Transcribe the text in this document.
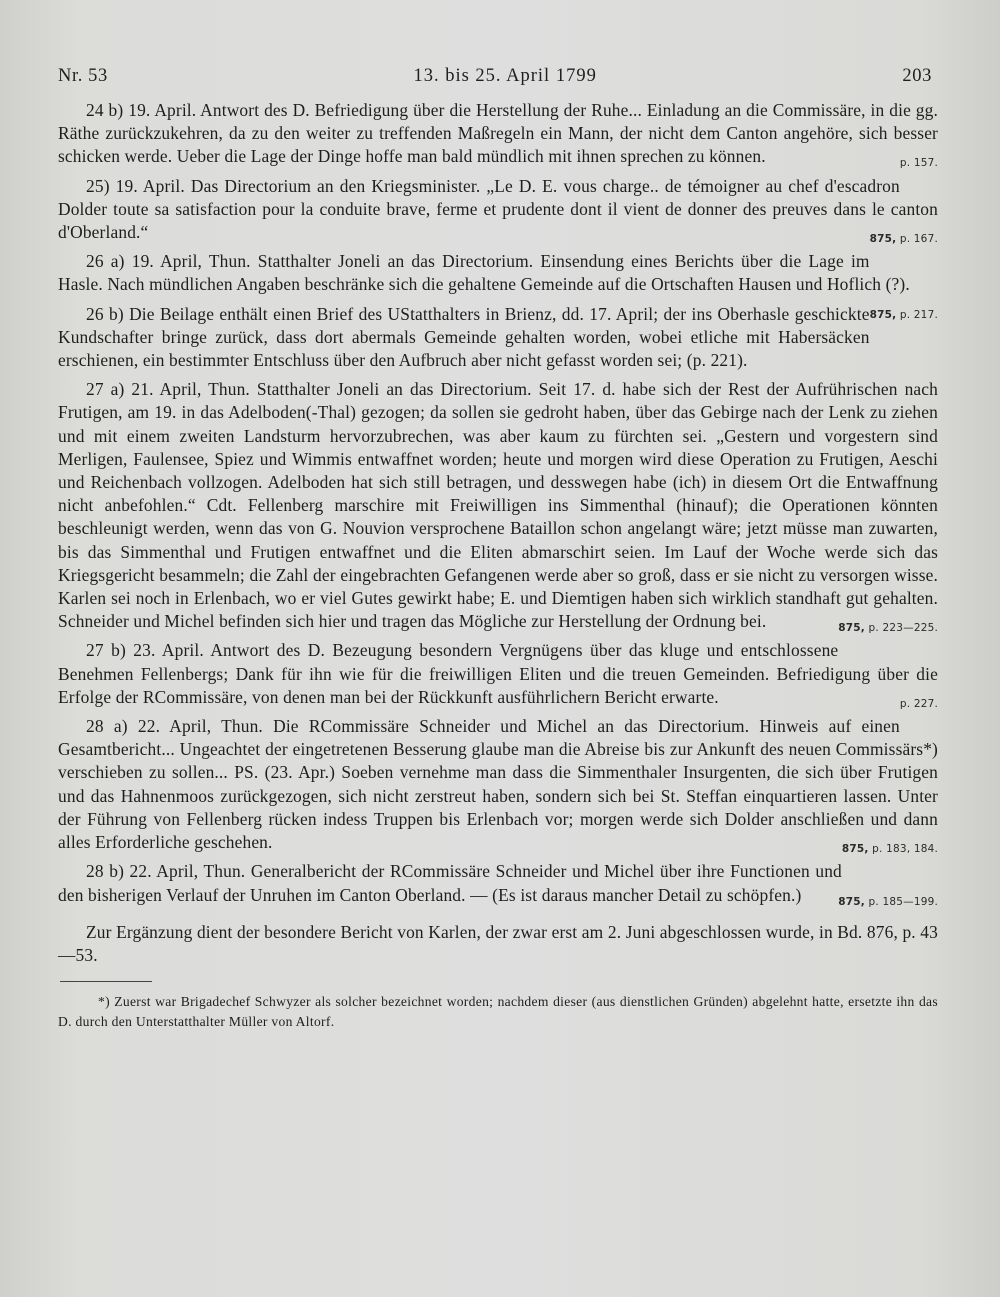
Nr. 53	13. bis 25. April 1799	203

24 b) 19. April. Antwort des D. Befriedigung über die Herstellung der Ruhe... Einladung an die Commissäre, in die gg. Räthe zurückzukehren, da zu den weiter zu treffenden Maßregeln ein Mann, der nicht dem Canton angehöre, sich besser schicken werde. Ueber die Lage der Dinge hoffe man bald mündlich mit ihnen sprechen zu können.	p. 157.

25) 19. April. Das Directorium an den Kriegsminister. „Le D. E. vous charge.. de témoigner au chef d'escadron Dolder toute sa satisfaction pour la conduite brave, ferme et prudente dont il vient de donner des preuves dans le canton d'Oberland.“	875, p. 167.

26 a) 19. April, Thun. Statthalter Joneli an das Directorium. Einsendung eines Berichts über die Lage im Hasle. Nach mündlichen Angaben beschränke sich die gehaltene Gemeinde auf die Ortschaften Hausen und Hoflich (?).
875, p. 217.

26 b) Die Beilage enthält einen Brief des UStatthalters in Brienz, dd. 17. April; der ins Oberhasle geschickte Kundschafter bringe zurück, dass dort abermals Gemeinde gehalten worden, wobei etliche mit Habersäcken erschienen, ein bestimmter Entschluss über den Aufbruch aber nicht gefasst worden sei; (p. 221).

27 a) 21. April, Thun. Statthalter Joneli an das Directorium. Seit 17. d. habe sich der Rest der Aufrührischen nach Frutigen, am 19. in das Adelboden(-Thal) gezogen; da sollen sie gedroht haben, über das Gebirge nach der Lenk zu ziehen und mit einem zweiten Landsturm hervorzubrechen, was aber kaum zu fürchten sei. „Gestern und vorgestern sind Merligen, Faulensee, Spiez und Wimmis entwaffnet worden; heute und morgen wird diese Operation zu Frutigen, Aeschi und Reichenbach vollzogen. Adelboden hat sich still betragen, und desswegen habe (ich) in diesem Ort die Entwaffnung nicht anbefohlen.“ Cdt. Fellenberg marschire mit Freiwilligen ins Simmenthal (hinauf); die Operationen könnten beschleunigt werden, wenn das von G. Nouvion versprochene Bataillon schon angelangt wäre; jetzt müsse man zuwarten, bis das Simmenthal und Frutigen entwaffnet und die Eliten abmarschirt seien. Im Lauf der Woche werde sich das Kriegsgericht besammeln; die Zahl der eingebrachten Gefangenen werde aber so groß, dass er sie nicht zu versorgen wisse. Karlen sei noch in Erlenbach, wo er viel Gutes gewirkt habe; E. und Diemtigen haben sich wirklich standhaft gut gehalten. Schneider und Michel befinden sich hier und tragen das Mögliche zur Herstellung der Ordnung bei.	875, p. 223—225.

27 b) 23. April. Antwort des D. Bezeugung besondern Vergnügens über das kluge und entschlossene Benehmen Fellenbergs; Dank für ihn wie für die freiwilligen Eliten und die treuen Gemeinden. Befriedigung über die Erfolge der RCommissäre, von denen man bei der Rückkunft ausführlichern Bericht erwarte.	p. 227.

28 a) 22. April, Thun. Die RCommissäre Schneider und Michel an das Directorium. Hinweis auf einen Gesamtbericht... Ungeachtet der eingetretenen Besserung glaube man die Abreise bis zur Ankunft des neuen Commissärs*) verschieben zu sollen... PS. (23. Apr.) Soeben vernehme man dass die Simmenthaler Insurgenten, die sich über Frutigen und das Hahnenmoos zurückgezogen, sich nicht zerstreut haben, sondern sich bei St. Steffan einquartieren lassen. Unter der Führung von Fellenberg rücken indess Truppen bis Erlenbach vor; morgen werde sich Dolder anschließen und dann alles Erforderliche geschehen.	875, p. 183, 184.

28 b) 22. April, Thun. Generalbericht der RCommissäre Schneider und Michel über ihre Functionen und den bisherigen Verlauf der Unruhen im Canton Oberland. — (Es ist daraus mancher Detail zu schöpfen.)	875, p. 185—199.

Zur Ergänzung dient der besondere Bericht von Karlen, der zwar erst am 2. Juni abgeschlossen wurde, in Bd. 876, p. 43—53.

*) Zuerst war Brigadechef Schwyzer als solcher bezeichnet worden; nachdem dieser (aus dienstlichen Gründen) abgelehnt hatte, ersetzte ihn das D. durch den Unterstatthalter Müller von Altorf.
